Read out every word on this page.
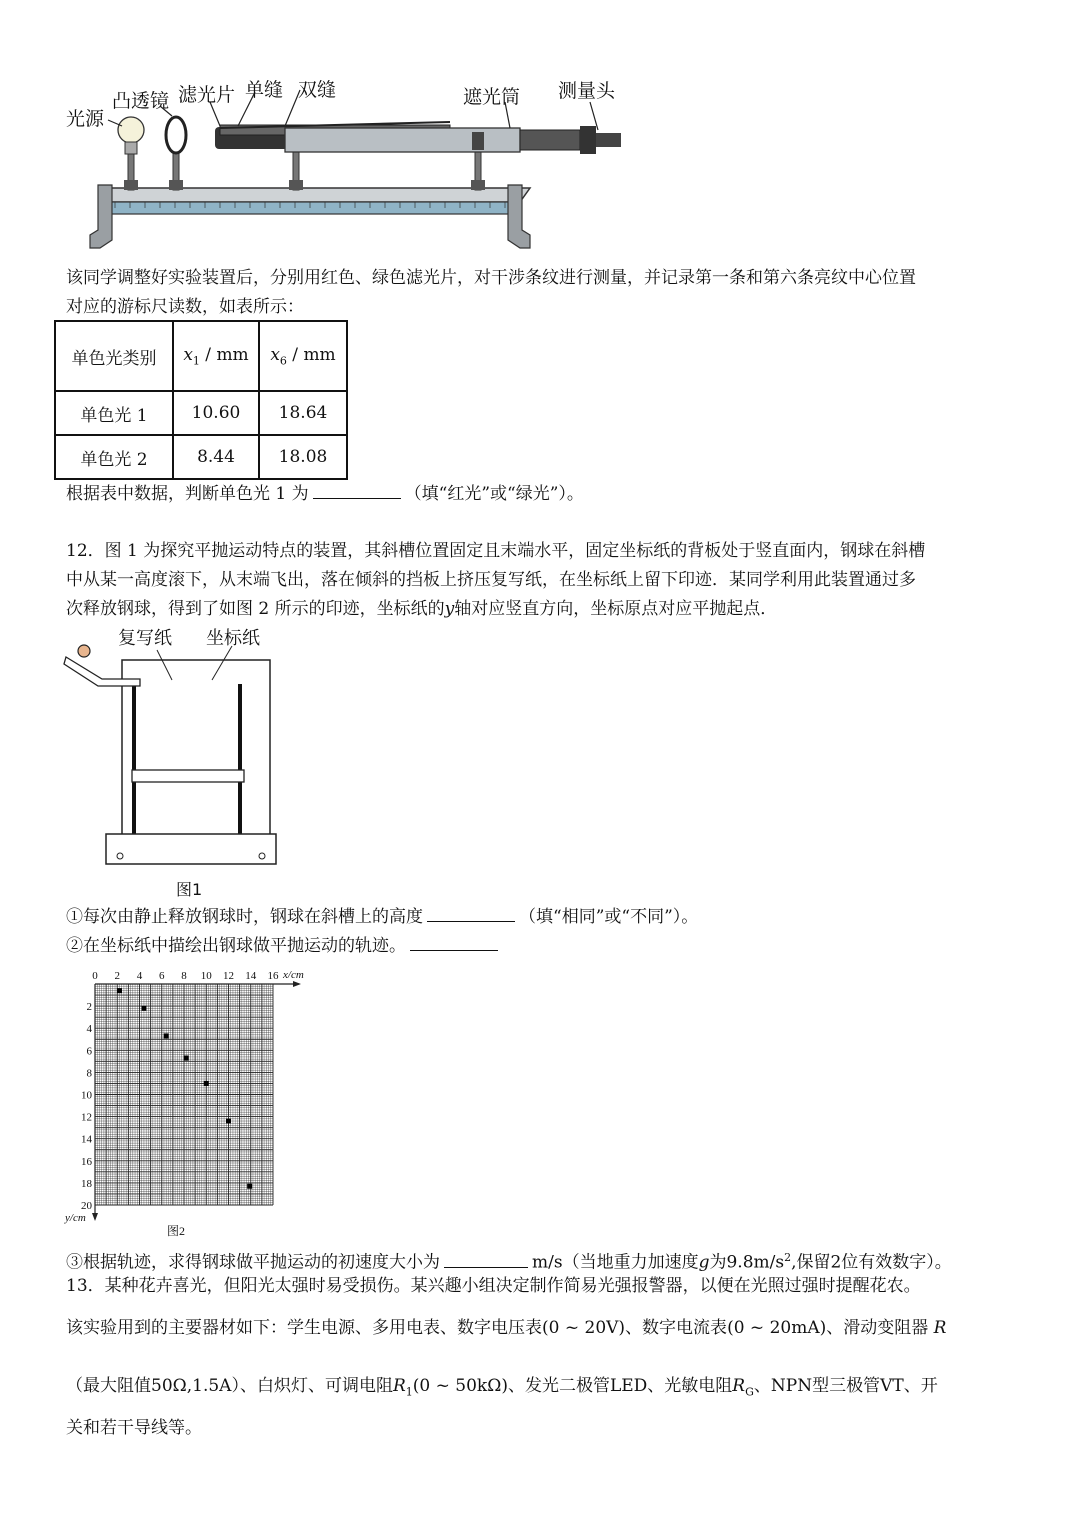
光源
凸透镜 滤光片 单缝 双缝	遮光筒 测量头
该同学调整好实验装置后，分别用红色、绿色滤光片，对干涉条纹进行测量，并记录第一条和第六条亮纹中心位置
对应的游标尺读数，如表所示：
单色光类别	$x_1$ / mm	$x_6$ / mm
单色光 1	10.60	18.64
单色光 2	8.44	18.08
根据表中数据，判断单色光 1 为	（填“红光”或“绿光”）。
12．图 1 为探究平抛运动特点的装置，其斜槽位置固定且末端水平，固定坐标纸的背板处于竖直面内，钢球在斜槽
中从某一高度滚下，从末端飞出，落在倾斜的挡板上挤压复写纸，在坐标纸上留下印迹．某同学利用此装置通过多
次释放钢球，得到了如图 2 所示的印迹，坐标纸的y轴对应竖直方向，坐标原点对应平抛起点．
复写纸 坐标纸
图1
①每次由静止释放钢球时，钢球在斜槽上的高度	（填“相同”或“不同”）。
②在坐标纸中描绘出钢球做平抛运动的轨迹。
0 2 4 6 8 10 12 14 16 x/cm
2
4
6
8
10
12
14
16
18
20
y/cm
图2
③根据轨迹，求得钢球做平抛运动的初速度大小为	m/s（当地重力加速度g为$9.8m/s^2$,保留2位有效数字）。
13．某种花卉喜光，但阳光太强时易受损伤。某兴趣小组决定制作简易光强报警器，以便在光照过强时提醒花农。
该实验用到的主要器材如下：学生电源、多用电表、数字电压表(0 ~ 20V)、数字电流表(0 ~ 20mA)、滑动变阻器 R
（最大阻值50Ω,1.5A）、白炽灯、可调电阻$R_1(0$ ~ 50kΩ)、发光二极管LED、光敏电阻$R_G$、NPN型三极管VT、开
关和若干导线等。
